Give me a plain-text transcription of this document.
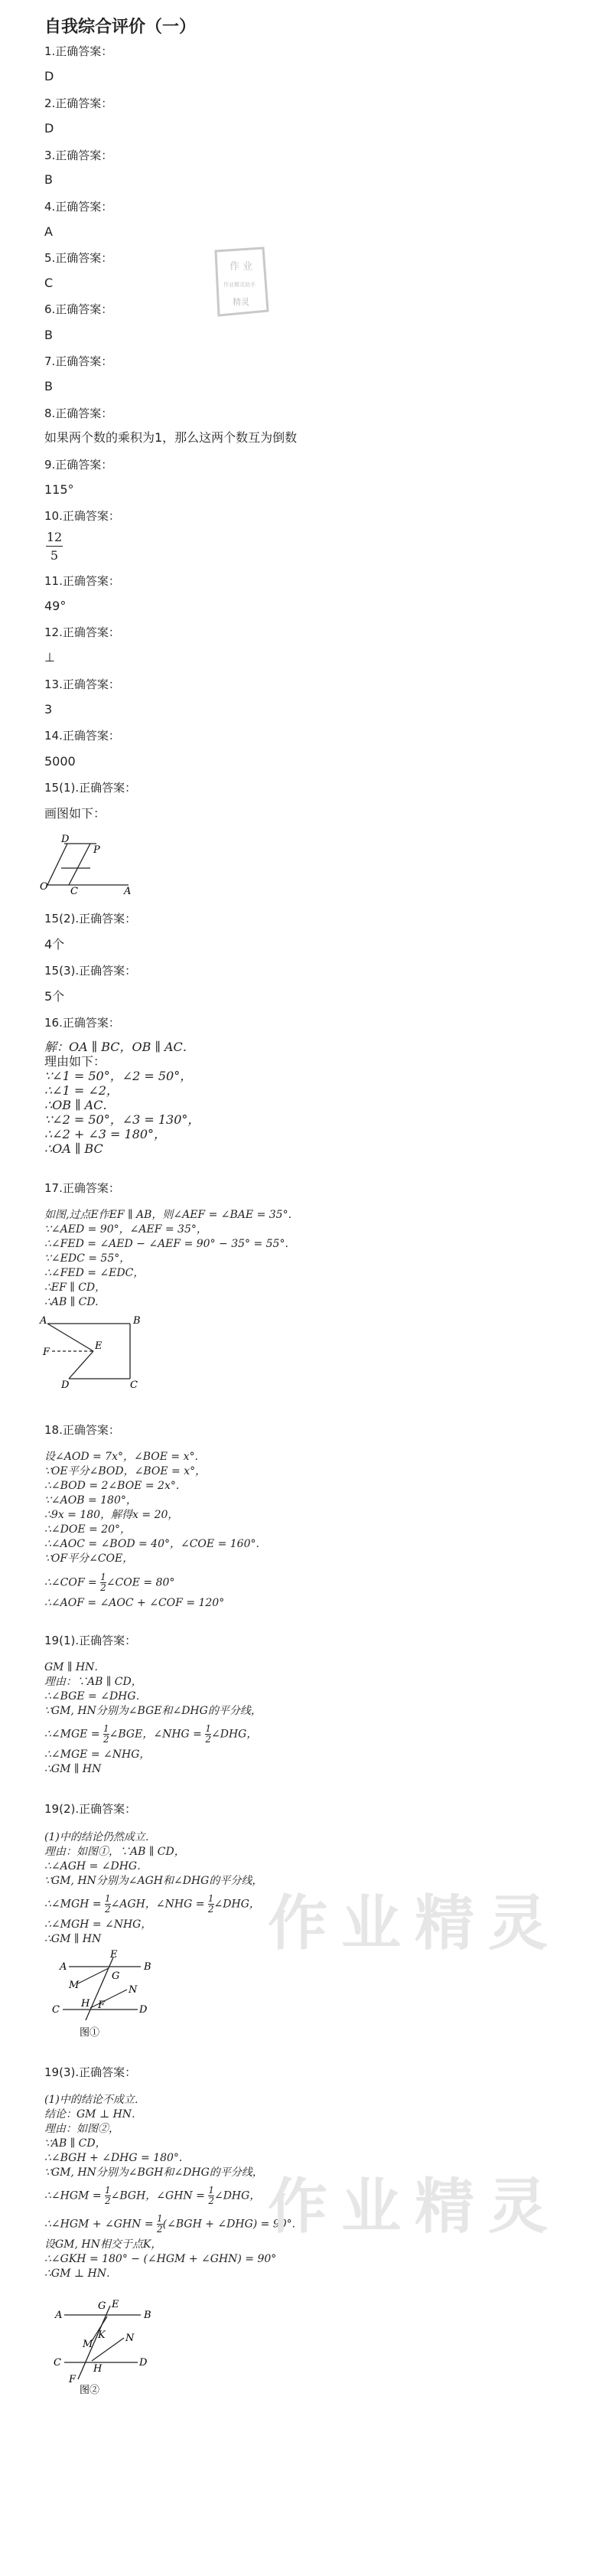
自我综合评价（一）
1.正确答案：
D
2.正确答案：
D
3.正确答案：
B
4.正确答案：
A
5.正确答案：
C
6.正确答案：
B
7.正确答案：
B
8.正确答案：
如果两个数的乘积为1，那么这两个数互为倒数
9.正确答案：
115°
10.正确答案：
12
5
11.正确答案：
49°
12.正确答案：
⊥
13.正确答案：
3
14.正确答案：
5000
15(1).正确答案：
画图如下：
O C	A
D
P
15(2).正确答案：
4个
15(3).正确答案：
5个
16.正确答案：
解：OA ∥ BC，OB ∥ AC．
理由如下：
∵∠1 = 50°，∠2 = 50°，
∴∠1 = ∠2，
∴OB ∥ AC．
∵∠2 = 50°，∠3 = 130°，
∴∠2 + ∠3 = 180°，
∴OA ∥ BC
17.正确答案：
如图,过点E作EF ∥ AB，则∠AEF = ∠BAE = 35°.
∵∠AED = 90°，∠AEF = 35°，
∴∠FED = ∠AED − ∠AEF = 90° − 35° = 55°.
∵∠EDC = 55°，
∴∠FED = ∠EDC，
∴EF ∥ CD，
∴AB ∥ CD.
A	B
F
E
D	C
18.正确答案：
设∠AOD = 7x°，∠BOE = x°.
∵OE平分∠BOD，∠BOE = x°，
∴∠BOD = 2∠BOE = 2x°.
∵∠AOB = 180°，
∴9x = 180，解得x = 20，
∴∠DOE = 20°，
∴∠AOC = ∠BOD = 40°，∠COE = 160°.
∵OF平分∠COE，
∴∠COF = $\frac{1}{2}$ ∠COE = 80°
∴∠AOF = ∠AOC + ∠COF = 120°
19(1).正确答案：
GM ∥ HN．
理由：∵AB ∥ CD，
∴∠BGE = ∠DHG．
∵GM, HN分别为∠BGE和∠DHG的平分线，
∴∠MGE = $\frac{1}{2}$ ∠BGE，∠NHG = $\frac{1}{2}$ ∠DHG，
∴∠MGE = ∠NHG，
∴GM ∥ HN
19(2).正确答案：
(1)中的结论仍然成立．
理由：如图①，∵AB ∥ CD，
∴∠AGH = ∠DHG．
∵GM, HN分别为∠AGH和∠DHG的平分线，
∴∠MGH = $\frac{1}{2}$ ∠AGH，∠NHG = $\frac{1}{2}$ ∠DHG，
∴∠MGH = ∠NHG，
∴GM ∥ HN
A
E
B
M
G
N
C
H F	D
图①
19(3).正确答案：
(1)中的结论不成立．
结论：GM ⊥ HN．
理由：如图②，
∵AB ∥ CD，
∴∠BGH + ∠DHG = 180°.
∵GM, HN分别为∠BGH和∠DHG的平分线，
∴∠HGM = $\frac{1}{2}$ ∠BGH，∠GHN = $\frac{1}{2}$ ∠DHG，
∴∠HGM + ∠GHN = $\frac{1}{2}$ (∠BGH + ∠DHG) = 90°.
设GM, HN相交于点K，
∴∠GKH = 180° − (∠HGM + ∠GHN) = 90°
∴GM ⊥ HN．
A
G E
B
M
K N
C
H
D
F
图②
作 业
作业精灵助手
精灵
作业精灵
作业精灵
